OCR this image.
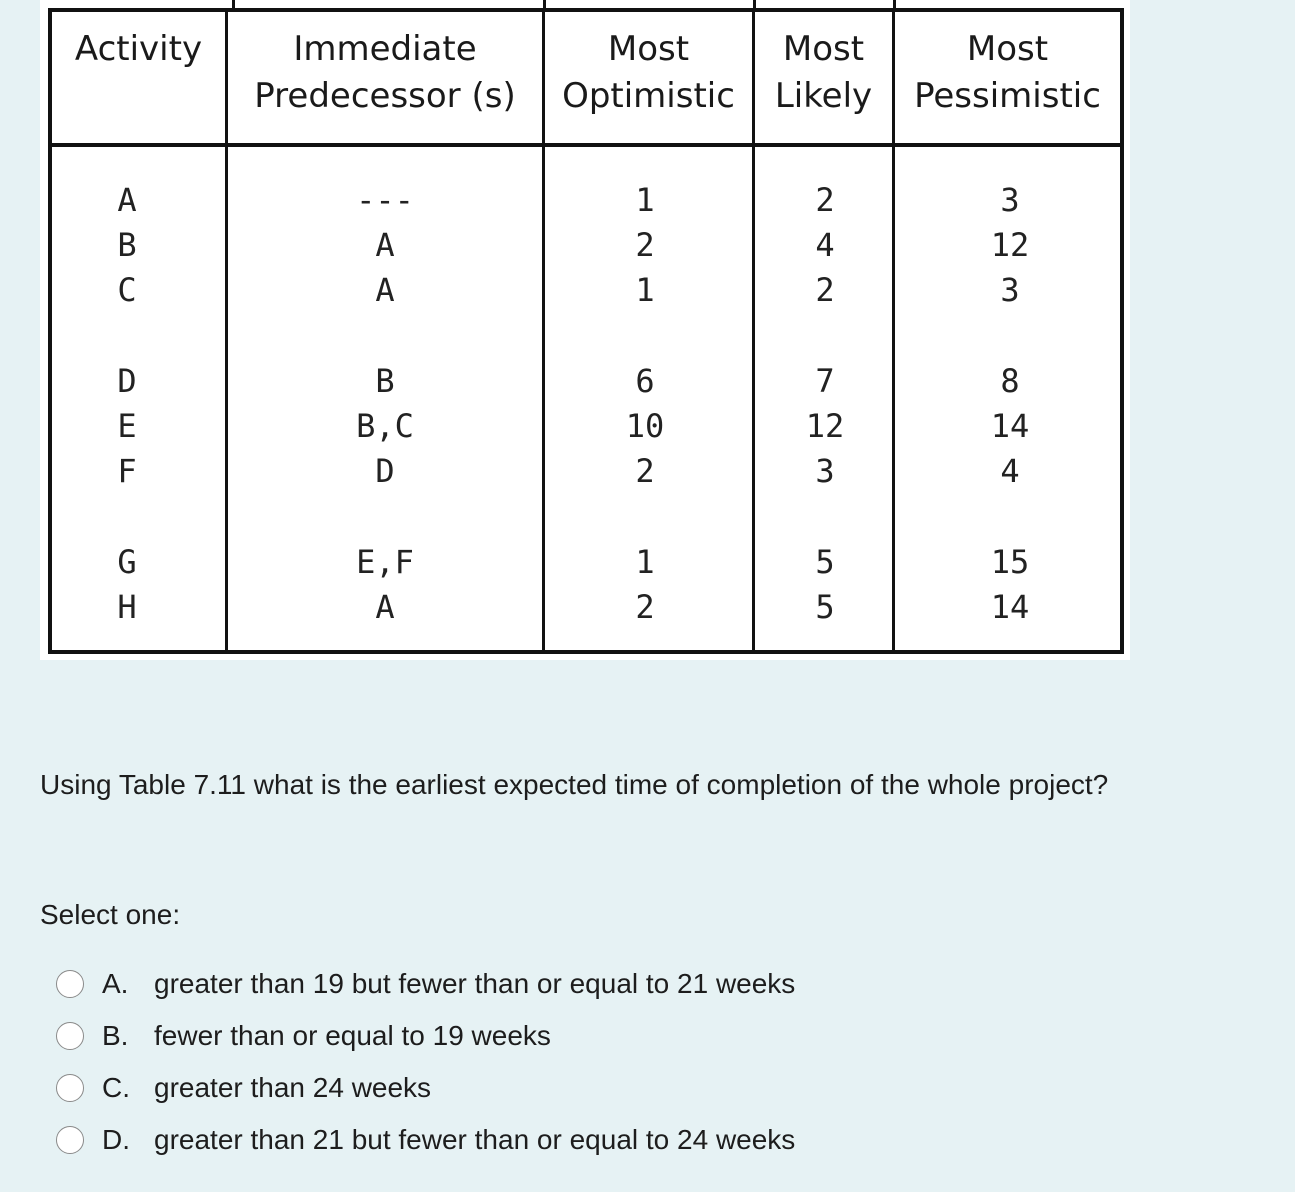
Activity	Immediate
Predecessor (s)
Most
Optimistic
Most
Likely
Most
Pessimistic
A
B
C
D
E
F
G
H
---
A
A
B
B,C
D
E,F
A
1
2
1
6
10
2
1
2
2
4
2
7
12
3
5
5
3
12
3
8
14
4
15
14
Using Table 7.11 what is the earliest expected time of completion of the whole project?
Select one:
A. greater than 19 but fewer than or equal to 21 weeks
B. fewer than or equal to 19 weeks
C. greater than 24 weeks
D. greater than 21 but fewer than or equal to 24 weeks
